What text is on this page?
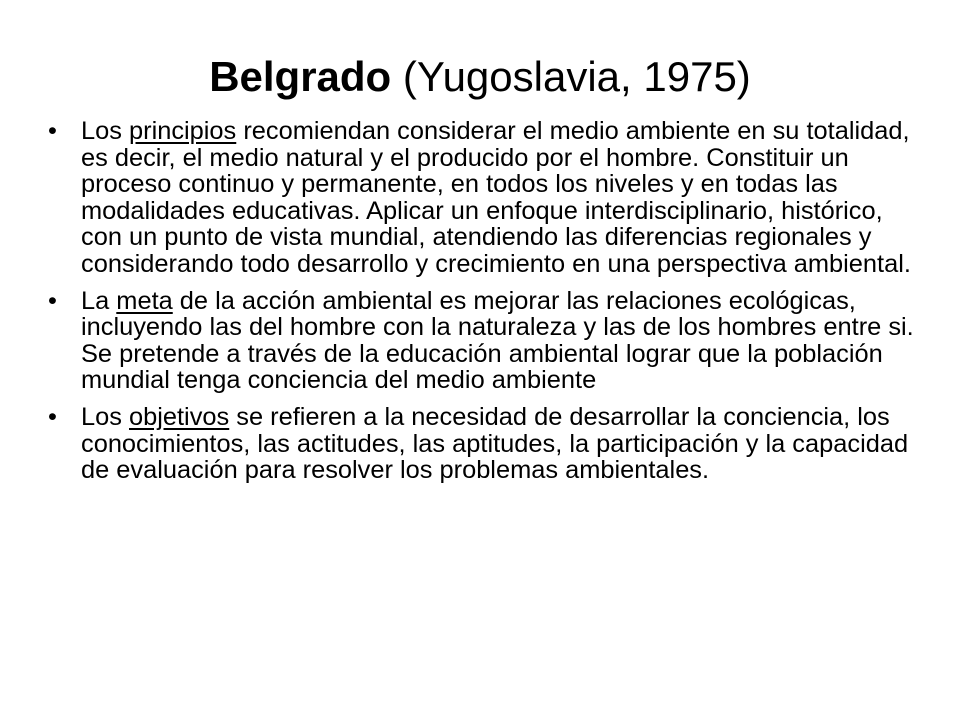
Belgrado (Yugoslavia, 1975)
• Los principios recomiendan considerar el medio ambiente en su totalidad, es decir, el medio natural y el producido por el hombre. Constituir un proceso continuo y permanente, en todos los niveles y en todas las modalidades educativas. Aplicar un enfoque interdisciplinario, histórico, con un punto de vista mundial, atendiendo las diferencias regionales y considerando todo desarrollo y crecimiento en una perspectiva ambiental.
• La meta de la acción ambiental es mejorar las relaciones ecológicas, incluyendo las del hombre con la naturaleza y las de los hombres entre si. Se pretende a través de la educación ambiental lograr que la población mundial tenga conciencia del medio ambiente
• Los objetivos se refieren a la necesidad de desarrollar la conciencia, los conocimientos, las actitudes, las aptitudes, la participación y la capacidad de evaluación para resolver los problemas ambientales.
